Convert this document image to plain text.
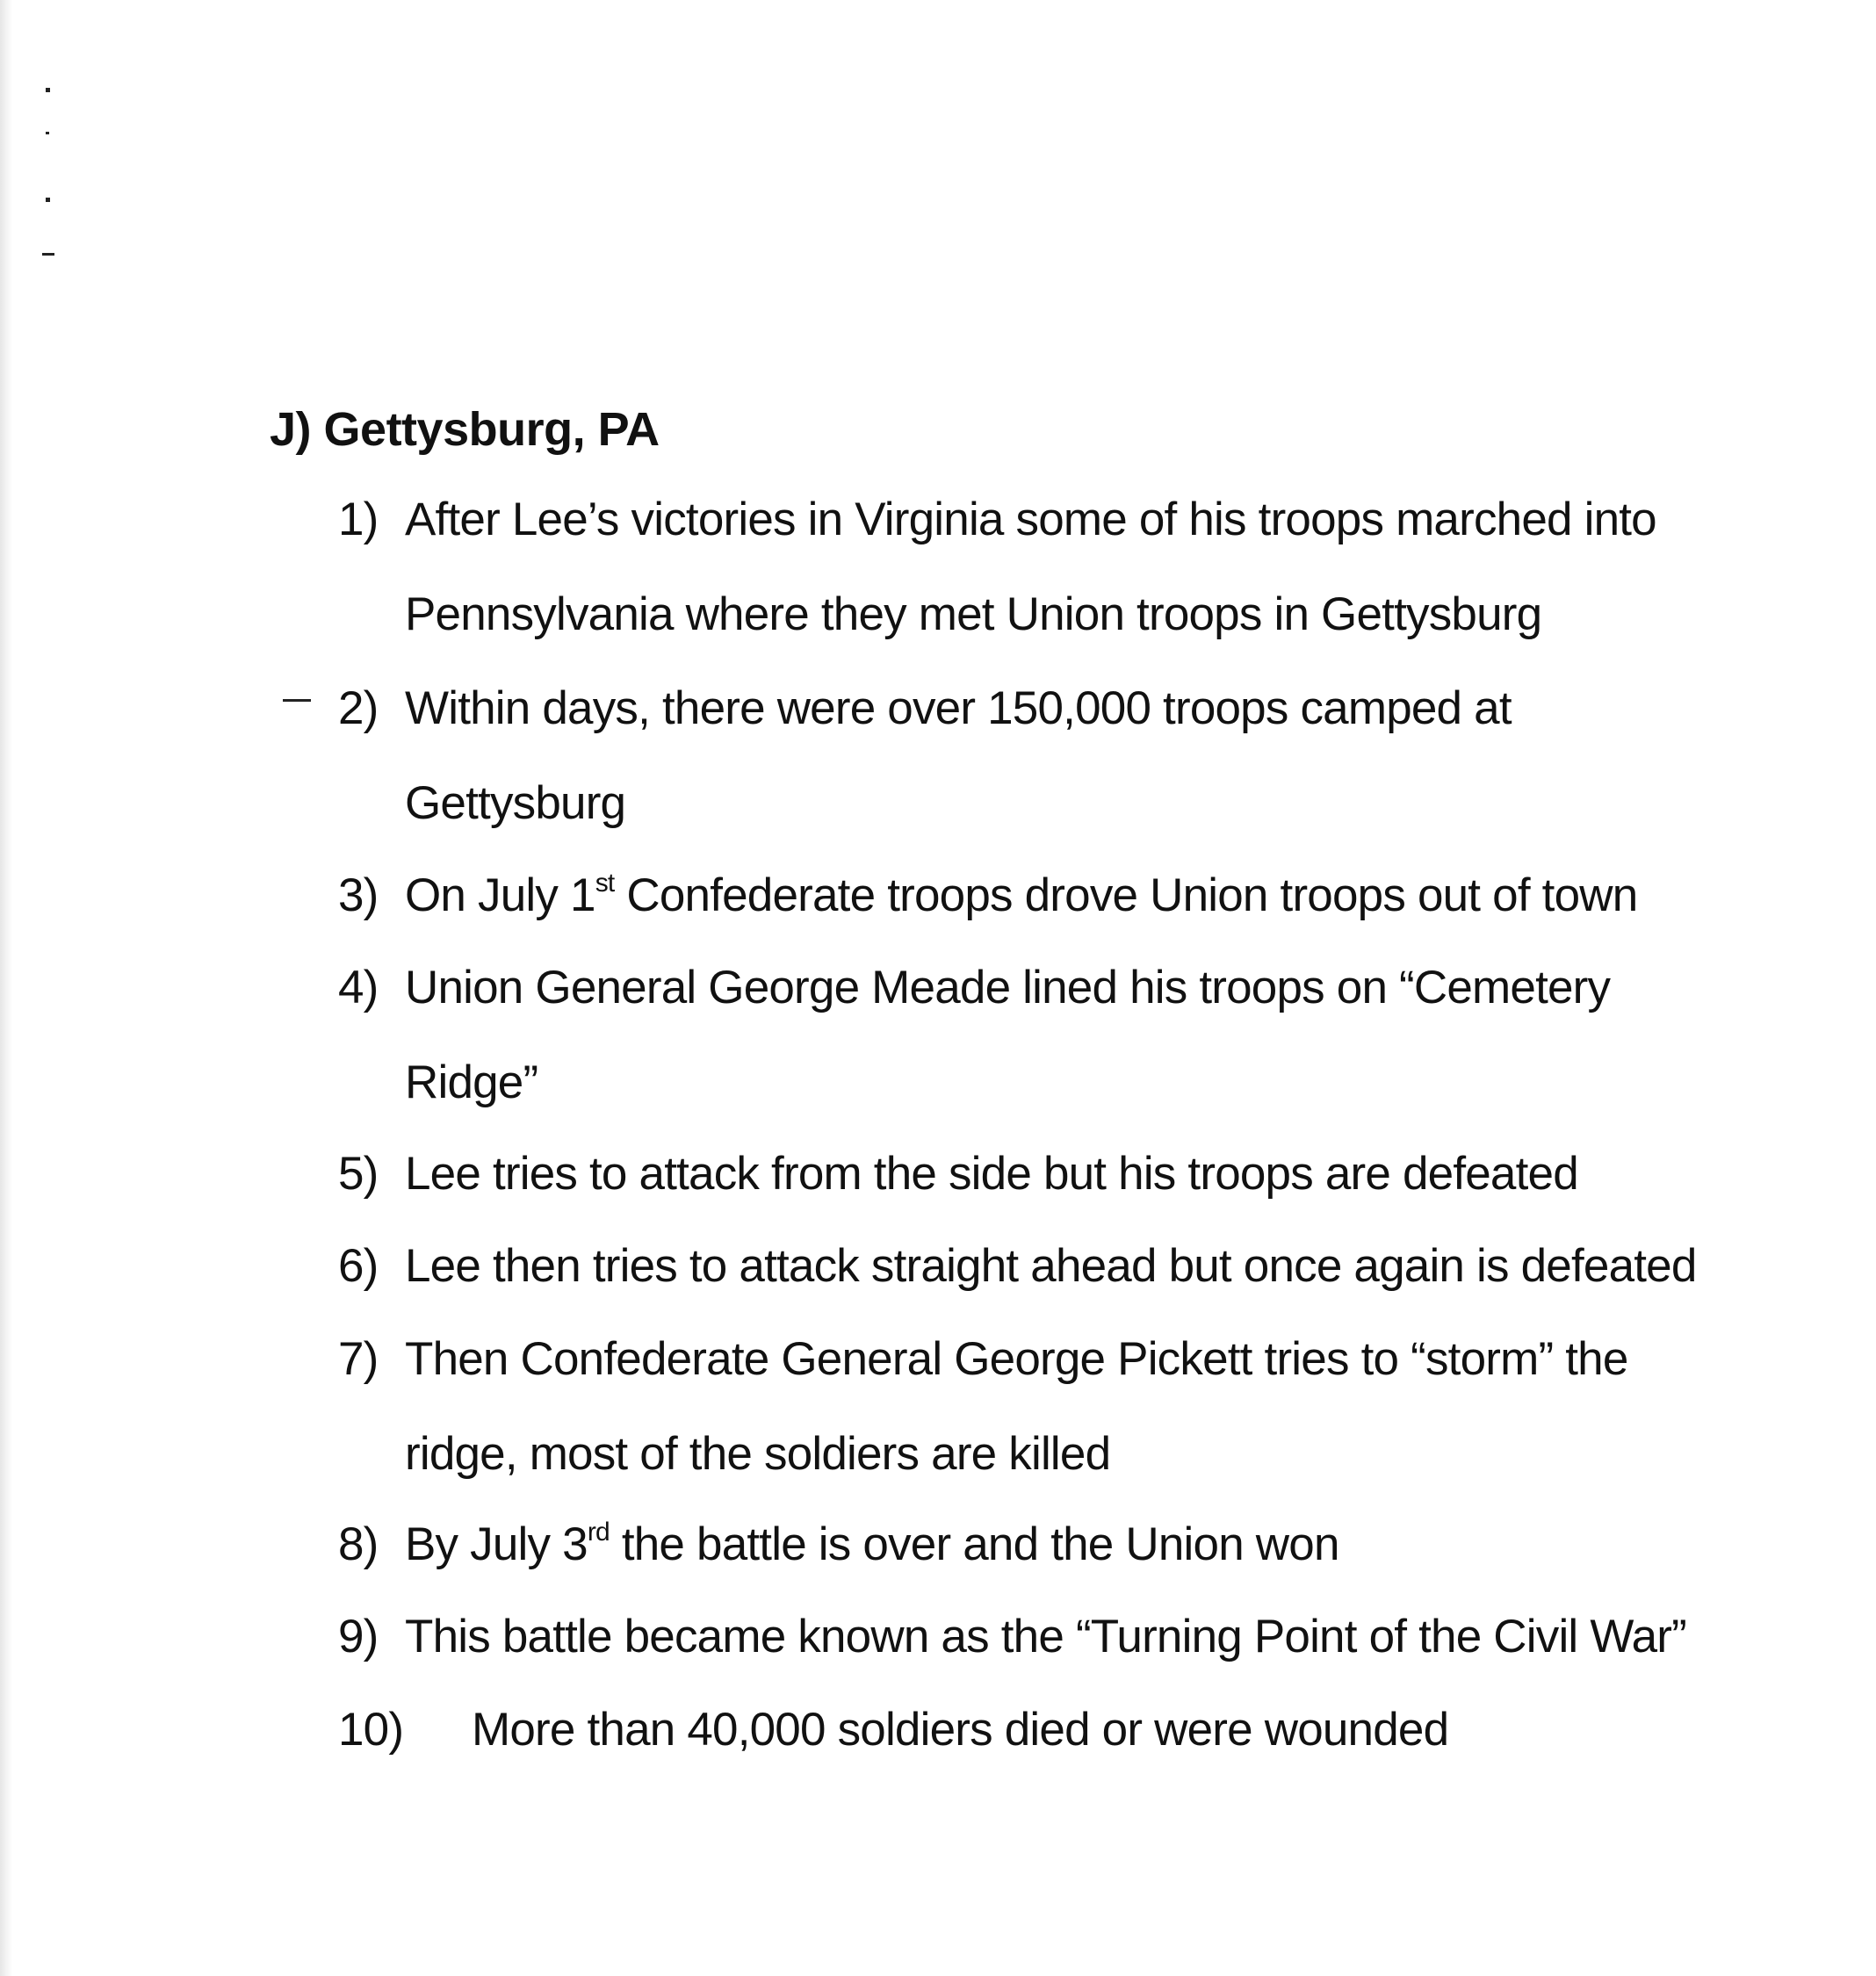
J) Gettysburg, PA
1) After Lee’s victories in Virginia some of his troops marched into
Pennsylvania where they met Union troops in Gettysburg
2) Within days, there were over 150,000 troops camped at
Gettysburg
3) On July 1st Confederate troops drove Union troops out of town
4) Union General George Meade lined his troops on “Cemetery
Ridge”
5) Lee tries to attack from the side but his troops are defeated
6) Lee then tries to attack straight ahead but once again is defeated
7) Then Confederate General George Pickett tries to “storm” the
ridge, most of the soldiers are killed
8) By July 3rd the battle is over and the Union won
9) This battle became known as the “Turning Point of the Civil War”
10) More than 40,000 soldiers died or were wounded
